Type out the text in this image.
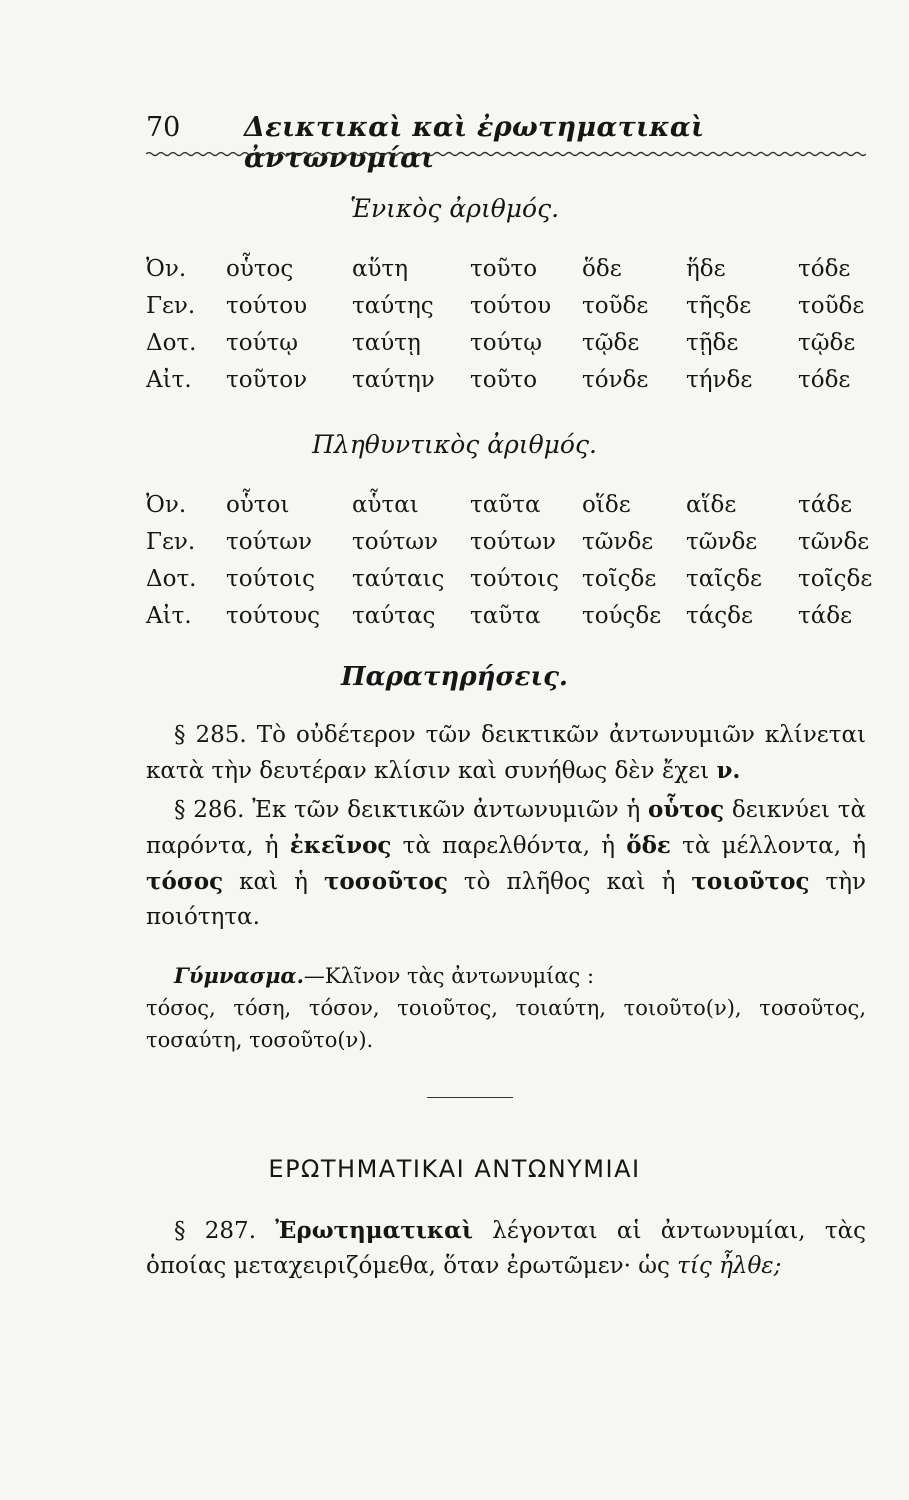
70 Δεικτικαὶ καὶ ἐρωτηματικαὶ ἀντωνυμίαι
Ἑνικὸς ἀριθμός.
Ὀν. οὗτος	αὕτη	τοῦτο ὅδε	ἥδε	τόδε
Γεν. τούτου ταύτης τούτου τοῦδε τῆςδε τοῦδε
Δοτ. τούτῳ ταύτῃ τούτῳ τῷδε τῇδε	τῷδε
Αἰτ. τοῦτον ταύτην τοῦτο τόνδε τήνδε τόδε
Πληθυντικὸς ἀριθμός.
Ὀν. οὗτοι	αὗται ταῦτα οἵδε αἵδε	τάδε
Γεν. τούτων τούτων τούτων τῶνδε τῶνδε τῶνδε
Δοτ. τούτοις ταύταις τούτοις τοῖςδε ταῖςδε τοῖςδε
Αἰτ. τούτους ταύτας ταῦτα τούςδε τάςδε τάδε
Παρατηρήσεις.
§ 285. Τὸ οὐδέτερον τῶν δεικτικῶν ἀντωνυμιῶν κλίνεται κατὰ τὴν δευτέραν κλίσιν καὶ συνήθως δὲν ἔχει ν.
§ 286. Ἐκ τῶν δεικτικῶν ἀντωνυμιῶν ἡ οὗτος δεικνύει τὰ παρόντα, ἡ ἐκεῖνος τὰ παρελθόντα, ἡ ὅδε τὰ μέλλοντα, ἡ τόσος καὶ ἡ τοσοῦτος τὸ πλῆθος καὶ ἡ τοιοῦτος τὴν ποιότητα.
Γύμνασμα.—Κλῖνον τὰς ἀντωνυμίας :
τόσος, τόση, τόσον, τοιοῦτος, τοιαύτη, τοιοῦτο(ν), τοσοῦτος, τοσαύτη, τοσοῦτο(ν).
ΕΡΩΤΗΜΑΤΙΚΑΙ ΑΝΤΩΝΥΜΙΑΙ
§ 287. Ἐρωτηματικαὶ λέγονται αἱ ἀντωνυμίαι, τὰς ὁποίας μεταχειριζόμεθα, ὅταν ἐρωτῶμεν· ὡς τίς ἦλθε;
